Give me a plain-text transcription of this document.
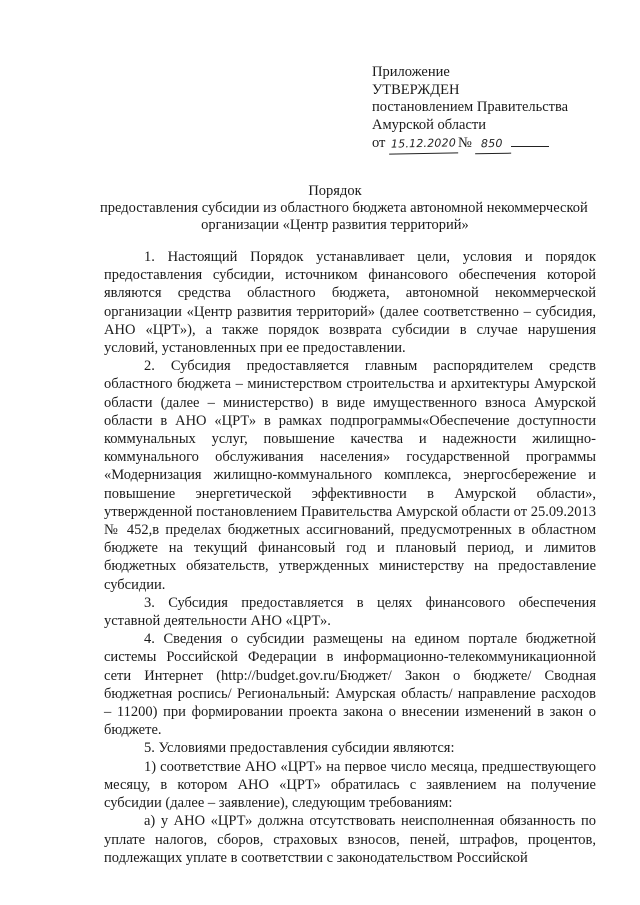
Приложение
УТВЕРЖДЕН
постановлением Правительства
Амурской области
от 15.12.2020 № 850
Порядок
предоставления субсидии из областного бюджета автономной некоммерческой
организации «Центр развития территорий»

1. Настоящий Порядок устанавливает цели, условия и порядок предоставления субсидии, источником финансового обеспечения которой являются средства областного бюджета, автономной некоммерческой организации «Центр развития территорий» (далее соответственно – субсидия, АНО «ЦРТ»), а также порядок возврата субсидии в случае нарушения условий, установленных при ее предоставлении.

2. Субсидия предоставляется главным распорядителем средств областного бюджета – министерством строительства и архитектуры Амурской области (далее – министерство) в виде имущественного взноса Амурской области в АНО «ЦРТ» в рамках подпрограммы«Обеспечение доступности коммунальных услуг, повышение качества и надежности жилищно-коммунального обслуживания населения» государственной программы «Модернизация жилищно-коммунального комплекса, энергосбережение и повышение энергетической эффективности в Амурской области», утвержденной постановлением Правительства Амурской области от 25.09.2013 № 452,в пределах бюджетных ассигнований, предусмотренных в областном бюджете на текущий финансовый год и плановый период, и лимитов бюджетных обязательств, утвержденных министерству на предоставление субсидии.

3. Субсидия предоставляется в целях финансового обеспечения уставной деятельности АНО «ЦРТ».

4. Сведения о субсидии размещены на едином портале бюджетной системы Российской Федерации в информационно-телекоммуникационной сети Интернет (http://budget.gov.ru/Бюджет/ Закон о бюджете/ Сводная бюджетная роспись/ Региональный: Амурская область/ направление расходов – 11200) при формировании проекта закона о внесении изменений в закон о бюджете.

5. Условиями предоставления субсидии являются:

1) соответствие АНО «ЦРТ» на первое число месяца, предшествующего месяцу, в котором АНО «ЦРТ» обратилась с заявлением на получение субсидии (далее – заявление), следующим требованиям:

а) у АНО «ЦРТ» должна отсутствовать неисполненная обязанность по уплате налогов, сборов, страховых взносов, пеней, штрафов, процентов, подлежащих уплате в соответствии с законодательством Российской
